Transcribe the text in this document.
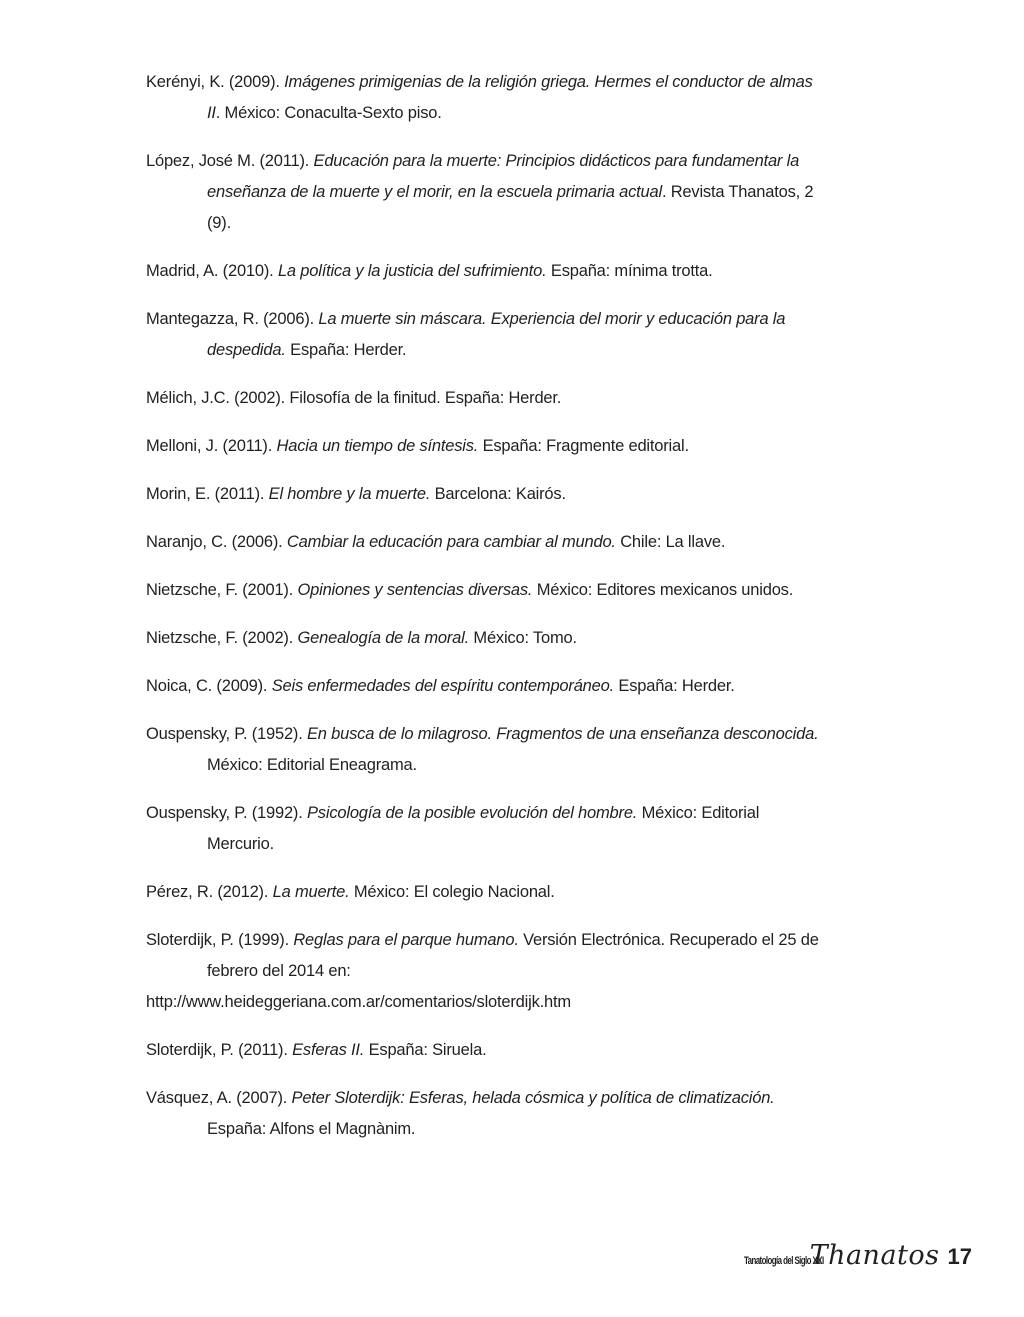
Kerényi, K. (2009). Imágenes primigenias de la religión griega. Hermes el conductor de almas II. México: Conaculta-Sexto piso.

López, José M. (2011). Educación para la muerte: Principios didácticos para fundamentar la enseñanza de la muerte y el morir, en la escuela primaria actual. Revista Thanatos, 2 (9).

Madrid, A. (2010). La política y la justicia del sufrimiento. España: mínima trotta.

Mantegazza, R. (2006). La muerte sin máscara. Experiencia del morir y educación para la despedida. España: Herder.

Mélich, J.C. (2002). Filosofía de la finitud. España: Herder.

Melloni, J. (2011). Hacia un tiempo de síntesis. España: Fragmente editorial.

Morin, E. (2011). El hombre y la muerte. Barcelona: Kairós.

Naranjo, C. (2006). Cambiar la educación para cambiar al mundo. Chile: La llave.

Nietzsche, F. (2001). Opiniones y sentencias diversas. México: Editores mexicanos unidos.

Nietzsche, F. (2002). Genealogía de la moral. México: Tomo.

Noica, C. (2009). Seis enfermedades del espíritu contemporáneo. España: Herder.

Ouspensky, P. (1952). En busca de lo milagroso. Fragmentos de una enseñanza desconocida. México: Editorial Eneagrama.

Ouspensky, P. (1992). Psicología de la posible evolución del hombre. México: Editorial Mercurio.

Pérez, R. (2012). La muerte. México: El colegio Nacional.

Sloterdijk, P. (1999). Reglas para el parque humano. Versión Electrónica. Recuperado el 25 de febrero del 2014 en:
http://www.heideggeriana.com.ar/comentarios/sloterdijk.htm

Sloterdijk, P. (2011). Esferas II. España: Siruela.

Vásquez, A. (2007). Peter Sloterdijk: Esferas, helada cósmica y política de climatización. España: Alfons el Magnànim.

Tanatología del Siglo XXI
Thanatos 17
